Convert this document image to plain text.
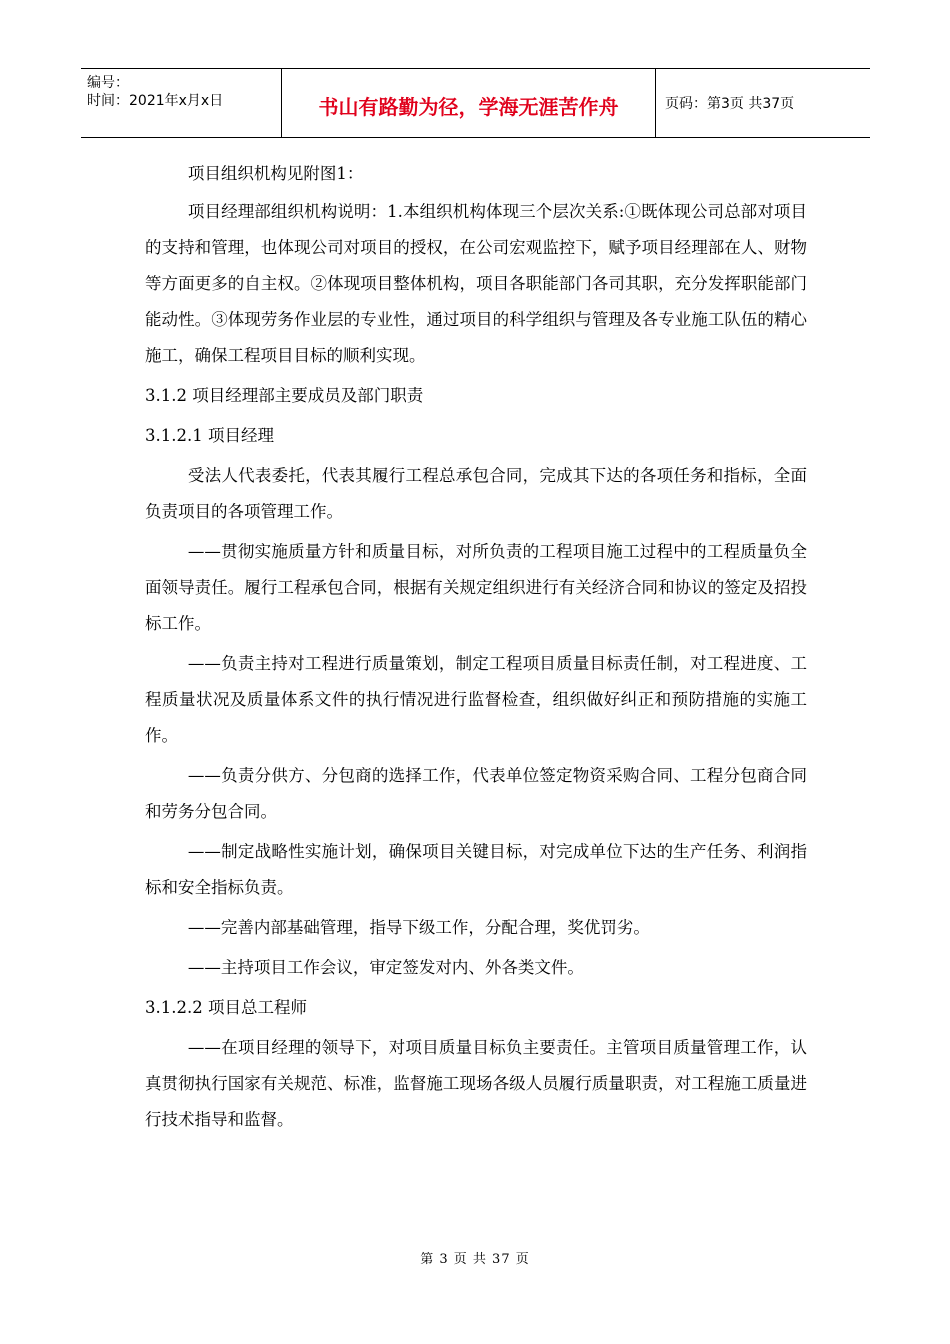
编号：
时间：2021年x月x日	书山有路勤为径，学海无涯苦作舟	页码：第3页 共37页

项目组织机构见附图1：

项目经理部组织机构说明：1.本组织机构体现三个层次关系:①既体现公司总部对项目的支持和管理，也体现公司对项目的授权，在公司宏观监控下，赋予项目经理部在人、财物等方面更多的自主权。②体现项目整体机构，项目各职能部门各司其职，充分发挥职能部门能动性。③体现劳务作业层的专业性，通过项目的科学组织与管理及各专业施工队伍的精心施工，确保工程项目目标的顺利实现。

3.1.2 项目经理部主要成员及部门职责

3.1.2.1 项目经理

受法人代表委托，代表其履行工程总承包合同，完成其下达的各项任务和指标，全面负责项目的各项管理工作。

——贯彻实施质量方针和质量目标，对所负责的工程项目施工过程中的工程质量负全面领导责任。履行工程承包合同，根据有关规定组织进行有关经济合同和协议的签定及招投标工作。

——负责主持对工程进行质量策划，制定工程项目质量目标责任制，对工程进度、工程质量状况及质量体系文件的执行情况进行监督检查，组织做好纠正和预防措施的实施工作。

——负责分供方、分包商的选择工作，代表单位签定物资采购合同、工程分包商合同和劳务分包合同。

——制定战略性实施计划，确保项目关键目标，对完成单位下达的生产任务、利润指标和安全指标负责。

——完善内部基础管理，指导下级工作，分配合理，奖优罚劣。

——主持项目工作会议，审定签发对内、外各类文件。

3.1.2.2 项目总工程师

——在项目经理的领导下，对项目质量目标负主要责任。主管项目质量管理工作，认真贯彻执行国家有关规范、标准，监督施工现场各级人员履行质量职责，对工程施工质量进行技术指导和监督。

第 3 页 共 37 页
